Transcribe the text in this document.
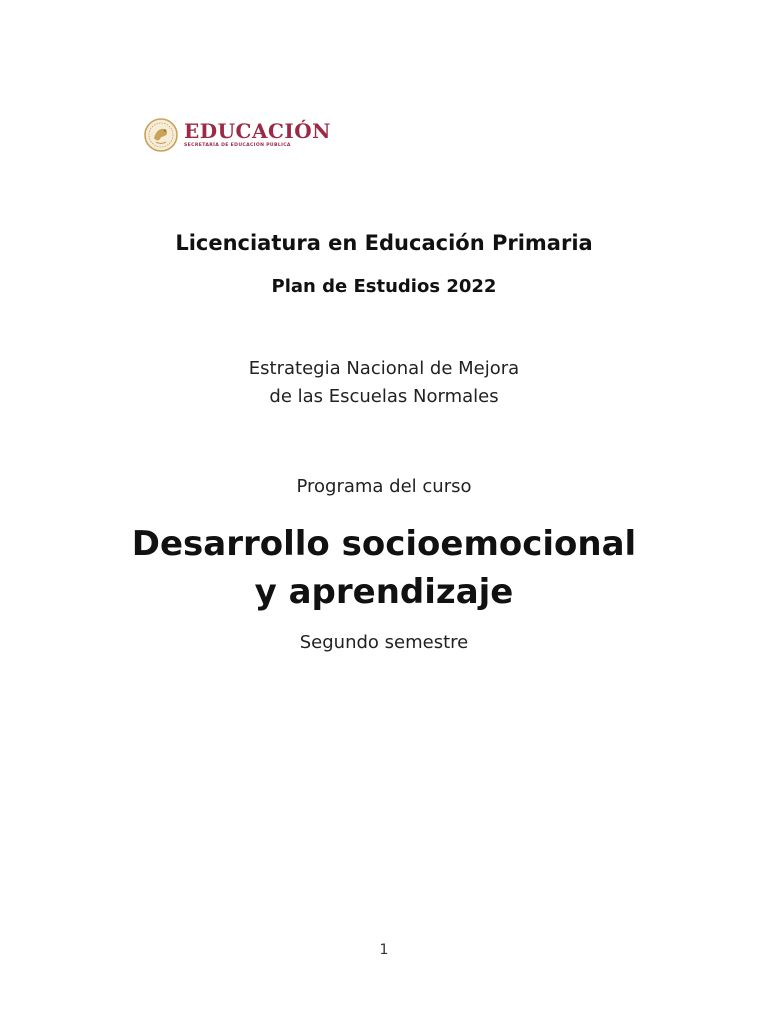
EDUCACIÓN
SECRETARÍA DE EDUCACIÓN PÚBLICA
Licenciatura en Educación Primaria
Plan de Estudios 2022
Estrategia Nacional de Mejora
de las Escuelas Normales
Programa del curso
Desarrollo socioemocional
y aprendizaje
Segundo semestre
1
